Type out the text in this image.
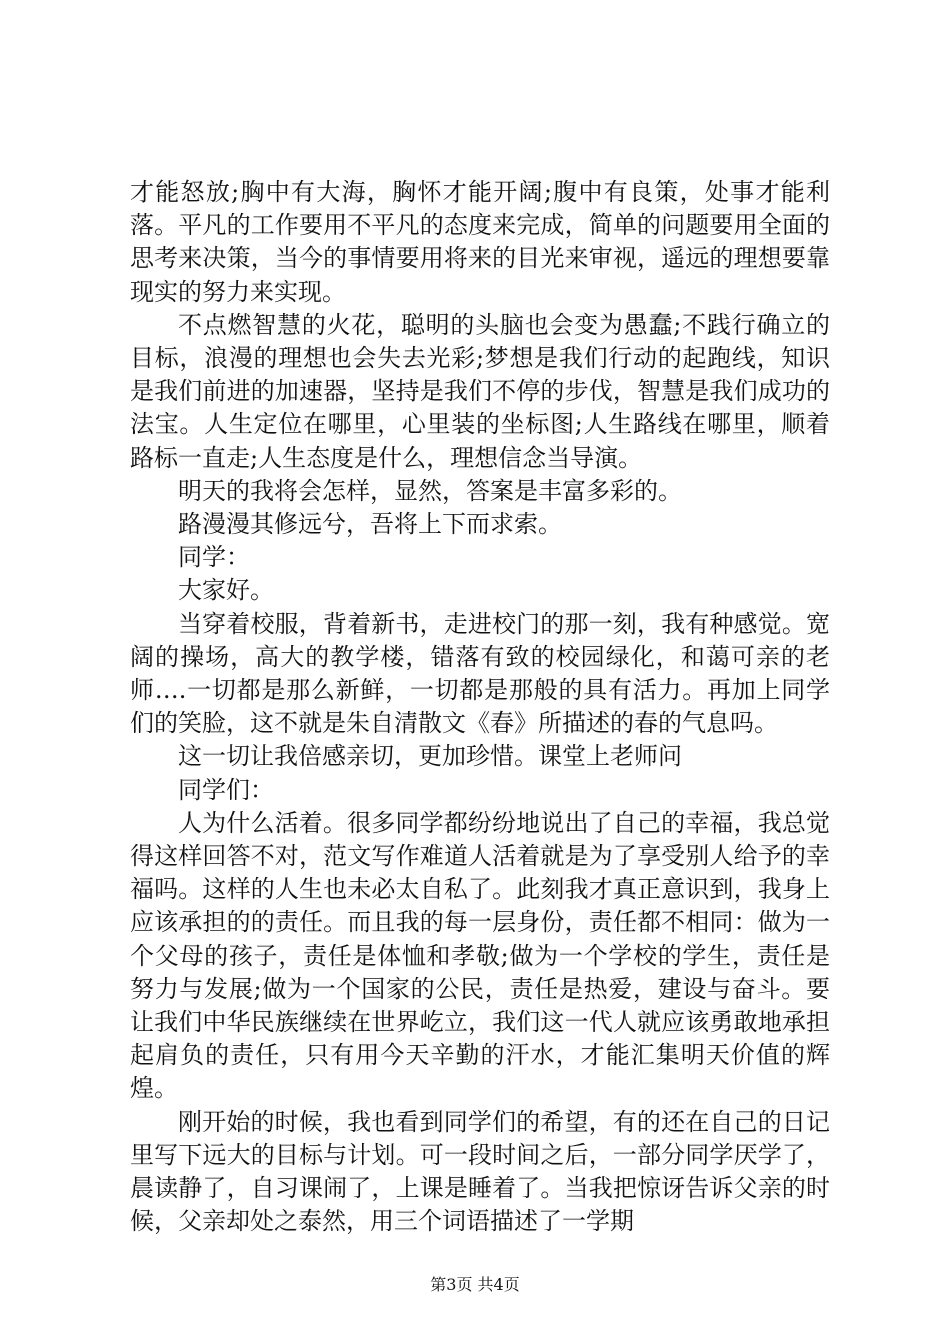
才能怒放;胸中有大海，胸怀才能开阔;腹中有良策，处事才能利落。平凡的工作要用不平凡的态度来完成，简单的问题要用全面的思考来决策，当今的事情要用将来的目光来审视，遥远的理想要靠现实的努力来实现。

不点燃智慧的火花，聪明的头脑也会变为愚蠢;不践行确立的目标，浪漫的理想也会失去光彩;梦想是我们行动的起跑线，知识是我们前进的加速器，坚持是我们不停的步伐，智慧是我们成功的法宝。人生定位在哪里，心里装的坐标图;人生路线在哪里，顺着路标一直走;人生态度是什么，理想信念当导演。

明天的我将会怎样，显然，答案是丰富多彩的。

路漫漫其修远兮，吾将上下而求索。

同学：

大家好。

当穿着校服，背着新书，走进校门的那一刻，我有种感觉。宽阔的操场，高大的教学楼，错落有致的校园绿化，和蔼可亲的老师….一切都是那么新鲜，一切都是那般的具有活力。再加上同学们的笑脸，这不就是朱自清散文《春》所描述的春的气息吗。

这一切让我倍感亲切，更加珍惜。课堂上老师问

同学们：

人为什么活着。很多同学都纷纷地说出了自己的幸福，我总觉得这样回答不对，范文写作难道人活着就是为了享受别人给予的幸福吗。这样的人生也未必太自私了。此刻我才真正意识到，我身上应该承担的的责任。而且我的每一层身份，责任都不相同：做为一个父母的孩子，责任是体恤和孝敬;做为一个学校的学生，责任是努力与发展;做为一个国家的公民，责任是热爱，建设与奋斗。要让我们中华民族继续在世界屹立，我们这一代人就应该勇敢地承担起肩负的责任，只有用今天辛勤的汗水，才能汇集明天价值的辉煌。

刚开始的时候，我也看到同学们的希望，有的还在自己的日记里写下远大的目标与计划。可一段时间之后，一部分同学厌学了，晨读静了，自习课闹了，上课是睡着了。当我把惊讶告诉父亲的时候，父亲却处之泰然，用三个词语描述了一学期

第3页 共4页
